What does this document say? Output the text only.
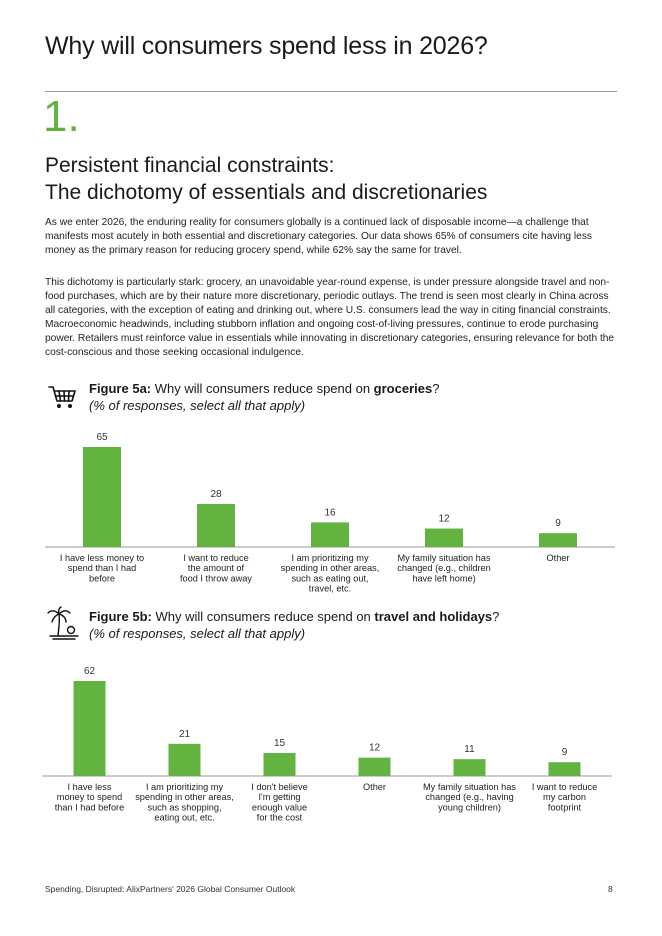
Why will consumers spend less in 2026?
1.
Persistent financial constraints:
The dichotomy of essentials and discretionaries

As we enter 2026, the enduring reality for consumers globally is a continued lack of disposable income—a challenge that manifests most acutely in both essential and discretionary categories. Our data shows 65% of consumers cite having less money as the primary reason for reducing grocery spend, while 62% say the same for travel.

This dichotomy is particularly stark: grocery, an unavoidable year-round expense, is under pressure alongside travel and non-food purchases, which are by their nature more discretionary, periodic outlays. The trend is seen most clearly in China across all categories, with the exception of eating and drinking out, where U.S. consumers lead the way in citing financial constraints. Macroeconomic headwinds, including stubborn inflation and ongoing cost-of-living pressures, continue to erode purchasing power. Retailers must reinforce value in essentials while innovating in discretionary categories, ensuring relevance for both the cost-conscious and those seeking occasional indulgence.

Figure 5a: Why will consumers reduce spend on groceries?
(% of responses, select all that apply)
65
I have less money to spend than I had before
28
I want to reduce the amount of food I throw away
16
I am prioritizing my spending in other areas, such as eating out, travel, etc.
12
My family situation has changed (e.g., children have left home)
9
Other
Figure 5b: Why will consumers reduce spend on travel and holidays?
(% of responses, select all that apply)
62
I have less money to spend than I had before
21
I am prioritizing my spending in other areas, such as shopping, eating out, etc.
15
I don't believe I'm getting enough value for the cost
12
Other
11
My family situation has changed (e.g., having young children)
9
I want to reduce my carbon footprint
Spending, Disrupted: AlixPartners' 2026 Global Consumer Outlook	8
